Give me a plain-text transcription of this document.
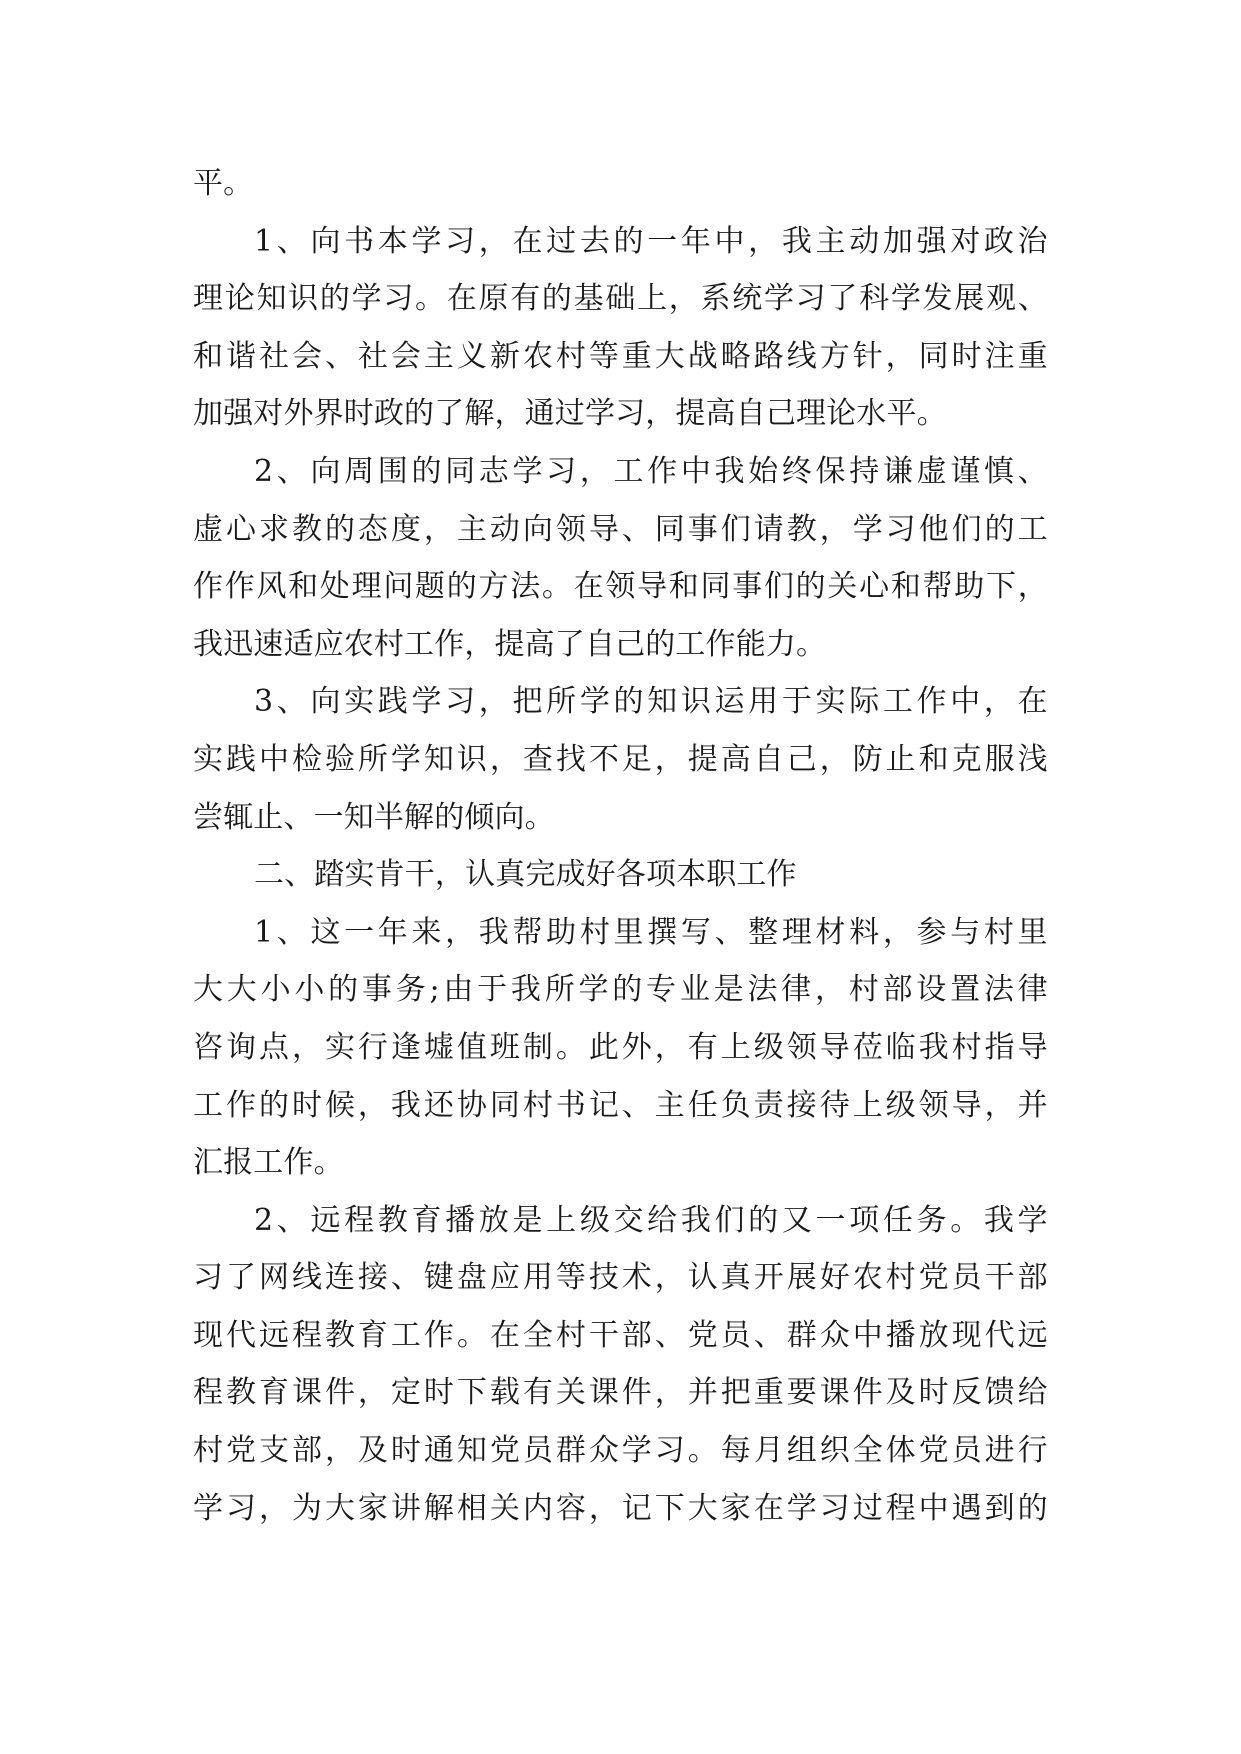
平。
1 、 向 书 本 学 习 ， 在 过 去 的 一 年 中 ， 我 主 动 加 强 对 政 治
理 论 知 识 的 学 习 。 在 原 有 的 基 础 上 ， 系 统 学 习 了 科 学 发 展 观 、
和 谐 社 会 、 社 会 主 义 新 农 村 等 重 大 战 略 路 线 方 针 ， 同 时 注 重
加强对外界时政的了解，通过学习，提高自己理论水平。
2 、 向 周 围 的 同 志 学 习 ， 工 作 中 我 始 终 保 持 谦 虚 谨 慎 、
虚 心 求 教 的 态 度 ， 主 动 向 领 导 、 同 事 们 请 教 ， 学 习 他 们 的 工
作 作 风 和 处 理 问 题 的 方 法 。 在 领 导 和 同 事 们 的 关 心 和 帮 助 下 ，
我迅速适应农村工作，提高了自己的工作能力。
3 、 向 实 践 学 习 ， 把 所 学 的 知 识 运 用 于 实 际 工 作 中 ， 在
实 践 中 检 验 所 学 知 识 ， 查 找 不 足 ， 提 高 自 己 ， 防 止 和 克 服 浅
尝辄止、一知半解的倾向。
二、踏实肯干，认真完成好各项本职工作
1 、 这 一 年 来 ， 我 帮 助 村 里 撰 写 、 整 理 材 料 ， 参 与 村 里
大 大 小 小 的 事 务 ; 由 于 我 所 学 的 专 业 是 法 律 ， 村 部 设 置 法 律
咨 询 点 ， 实 行 逢 墟 值 班 制 。 此 外 ， 有 上 级 领 导 莅 临 我 村 指 导
工 作 的 时 候 ， 我 还 协 同 村 书 记 、 主 任 负 责 接 待 上 级 领 导 ， 并
汇报工作。
2 、 远 程 教 育 播 放 是 上 级 交 给 我 们 的 又 一 项 任 务 。 我 学
习 了 网 线 连 接 、 键 盘 应 用 等 技 术 ， 认 真 开 展 好 农 村 党 员 干 部
现 代 远 程 教 育 工 作 。 在 全 村 干 部 、 党 员 、 群 众 中 播 放 现 代 远
程 教 育 课 件 ， 定 时 下 载 有 关 课 件 ， 并 把 重 要 课 件 及 时 反 馈 给
村 党 支 部 ， 及 时 通 知 党 员 群 众 学 习 。 每 月 组 织 全 体 党 员 进 行
学 习 ， 为 大 家 讲 解 相 关 内 容 ， 记 下 大 家 在 学 习 过 程 中 遇 到 的
